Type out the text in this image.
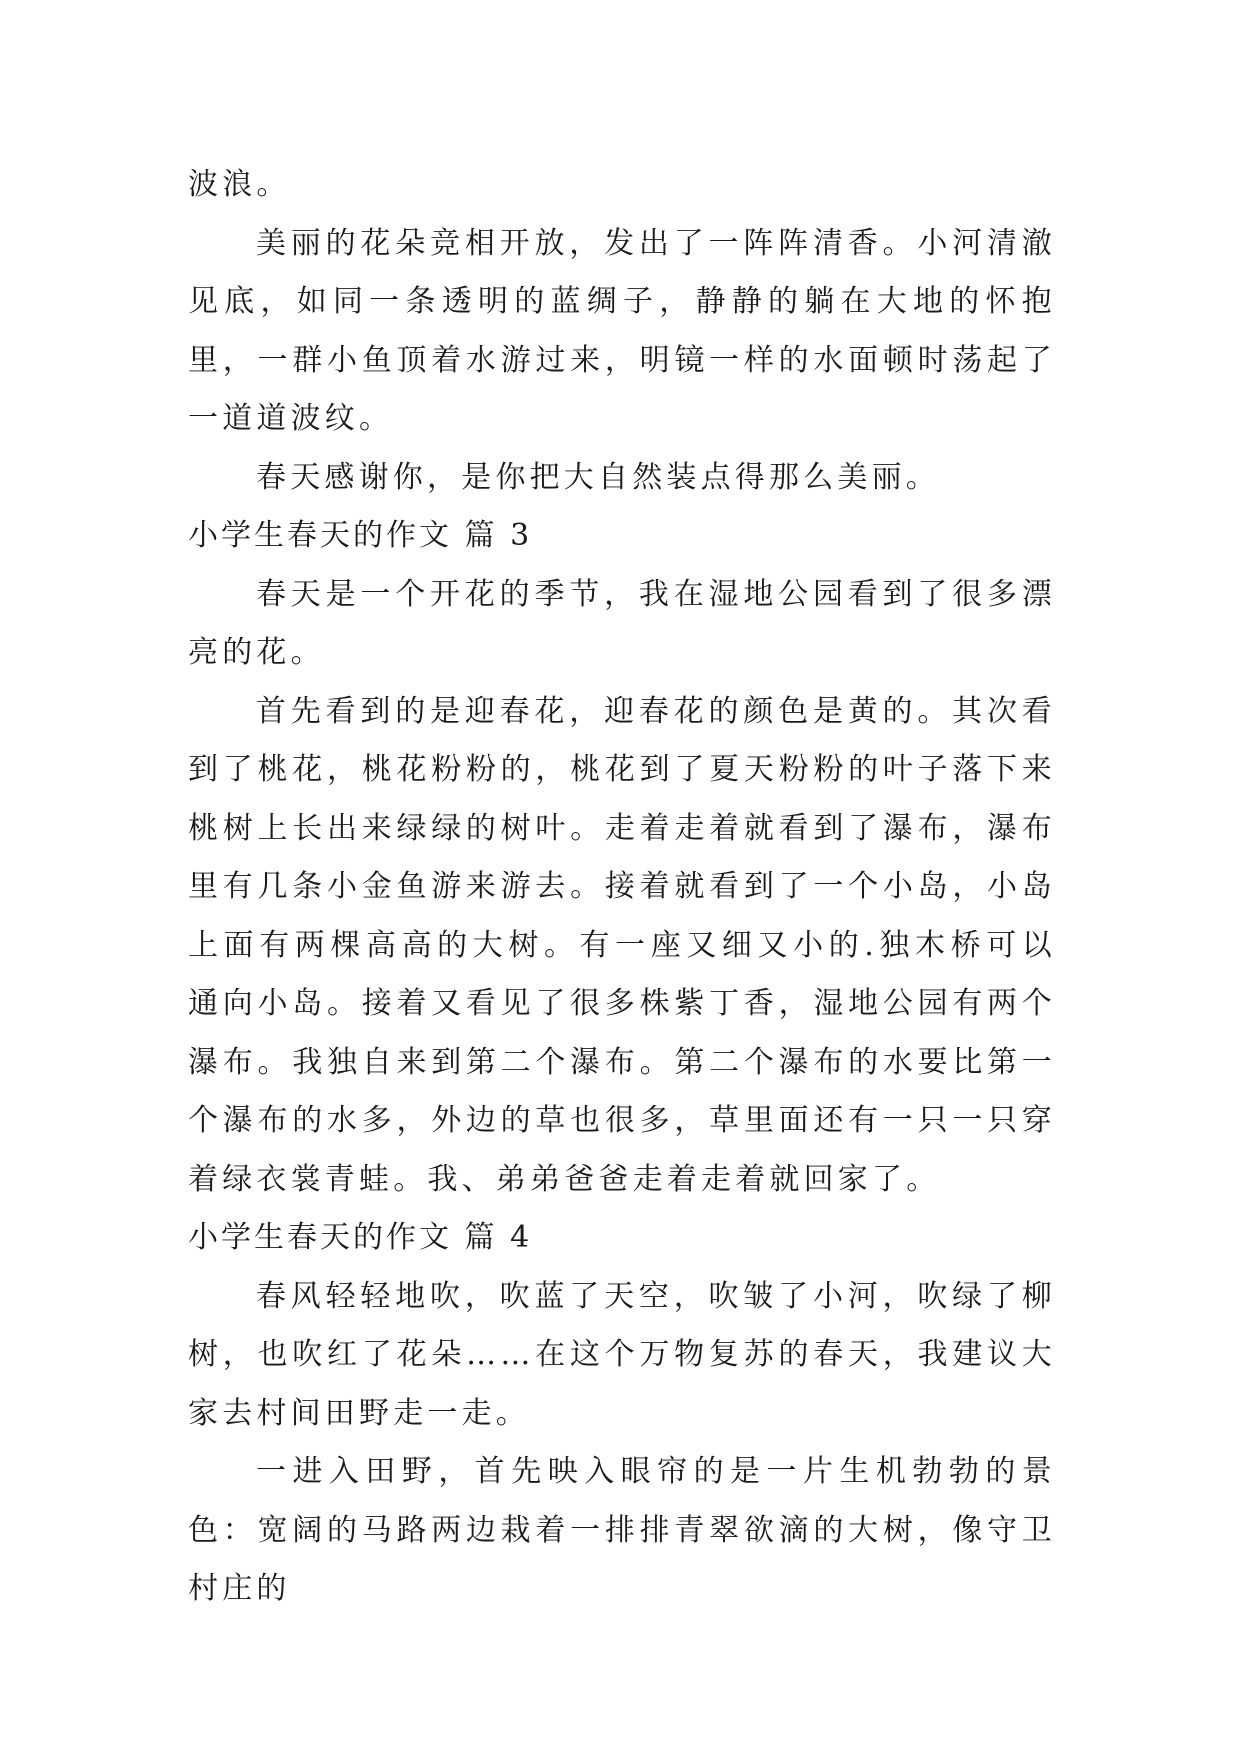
波浪。

美丽的花朵竞相开放，发出了一阵阵清香。小河清澈见底，如同一条透明的蓝绸子，静静的躺在大地的怀抱里，一群小鱼顶着水游过来，明镜一样的水面顿时荡起了一道道波纹。

春天感谢你，是你把大自然装点得那么美丽。

小学生春天的作文 篇 3

春天是一个开花的季节，我在湿地公园看到了很多漂亮的花。

首先看到的是迎春花，迎春花的颜色是黄的。其次看到了桃花，桃花粉粉的，桃花到了夏天粉粉的叶子落下来桃树上长出来绿绿的树叶。走着走着就看到了瀑布，瀑布里有几条小金鱼游来游去。接着就看到了一个小岛，小岛上面有两棵高高的大树。有一座又细又小的.独木桥可以通向小岛。接着又看见了很多株紫丁香，湿地公园有两个瀑布。我独自来到第二个瀑布。第二个瀑布的水要比第一个瀑布的水多，外边的草也很多，草里面还有一只一只穿着绿衣裳青蛙。我、弟弟爸爸走着走着就回家了。

小学生春天的作文 篇 4

春风轻轻地吹，吹蓝了天空，吹皱了小河，吹绿了柳树，也吹红了花朵……在这个万物复苏的春天，我建议大家去村间田野走一走。

一进入田野，首先映入眼帘的是一片生机勃勃的景色：宽阔的马路两边栽着一排排青翠欲滴的大树，像守卫村庄的
